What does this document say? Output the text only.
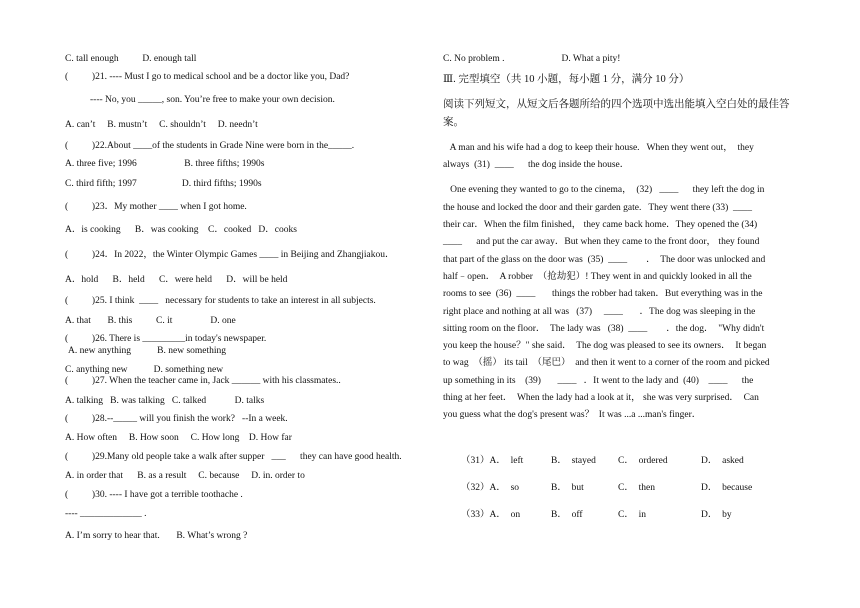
C. tall enough          D. enough tall
(          )21. ---- Must I go to medical school and be a doctor like you, Dad?
---- No, you _____, son. You’re free to make your own decision.
A. can’t     B. mustn’t     C. shouldn’t     D. needn’t
(          )22.About ____of the students in Grade Nine were born in the_____.
A. three five; 1996                    B. three fifths; 1990s
C. third fifth; 1997                   D. third fifths; 1990s
(          )23．My mother ____ when I got home.
A．is cooking      B．was cooking    C．cooked   D．cooks
(          )24．In 2022，the Winter Olympic Games ____ in Beijing and Zhangjiakou．
A．hold      B．held      C．were held      D．will be held
(          )25. I think  ____   necessary for students to take an interest in all subjects.
A. that       B. this          C. it                D. one
(          )26. There is _________in today's newspaper.
A. new anything           B. new something
C. anything new           D. something new
(          )27. When the teacher came in, Jack ______ with his classmates..
A. talking   B. was talking   C. talked            D. talks
(          )28.--_____ will you finish the work?   --In a week.
A. How often     B. How soon     C. How long    D. How far
(          )29.Many old people take a walk after supper   ___      they can have good health.
A. in order that      B. as a result     C. because     D. in. order to
(          )30. ---- I have got a terrible toothache .
---- _____________ .
A. I’m sorry to hear that.       B. What’s wrong ?
C. No problem .                        D. What a pity!
Ⅲ. 完型填空（共 10 小题，每小题 1 分，满分 10 分）
阅读下列短文，从短文后各题所给的四个选项中选出能填入空白处的最佳答
案。
A man and his wife had a dog to keep their house.   When they went out，  they
always  (31)  ____      the dog inside the house．
One evening they wanted to go to the cinema，  (32)   ____      they left the dog in
the house and locked the door and their garden gate.   They went there (33)  ____
their car．When the film finished， they came back home．They opened the (34)
____      and put the car away．But when they came to the front door， they found
that part of the glass on the door was  (35)  ____        ．  The door was unlocked and
half﹣open．  A robber  （抢劫犯）! They went in and quickly looked in all the
rooms to see  (36)  ____       things the robber had taken．But everything was in the
right place and nothing at all was   (37)     ____       ．The dog was sleeping in the
sitting room on the floor．  The lady was   (38)  ____        ．the dog．  "Why didn't
you keep the house？" she said．  The dog was pleased to see its owners．  It began
to wag  （摇） its tail  （尾巴）  and then it went to a corner of the room and picked
up something in its    (39)       ____   ．It went to the lady and  (40)    ____      the
thing at her feet．  When the lady had a look at it， she was very surprised．  Can
you guess what the dog's present was？  It was ...a ...man's finger．
（31）A．  left	B．  stayed C．  ordered	D．  asked
（32）A．  so	B．  but	C．  then	D．  because
（33）A．  on	B．  off	C．  in	D．  by
